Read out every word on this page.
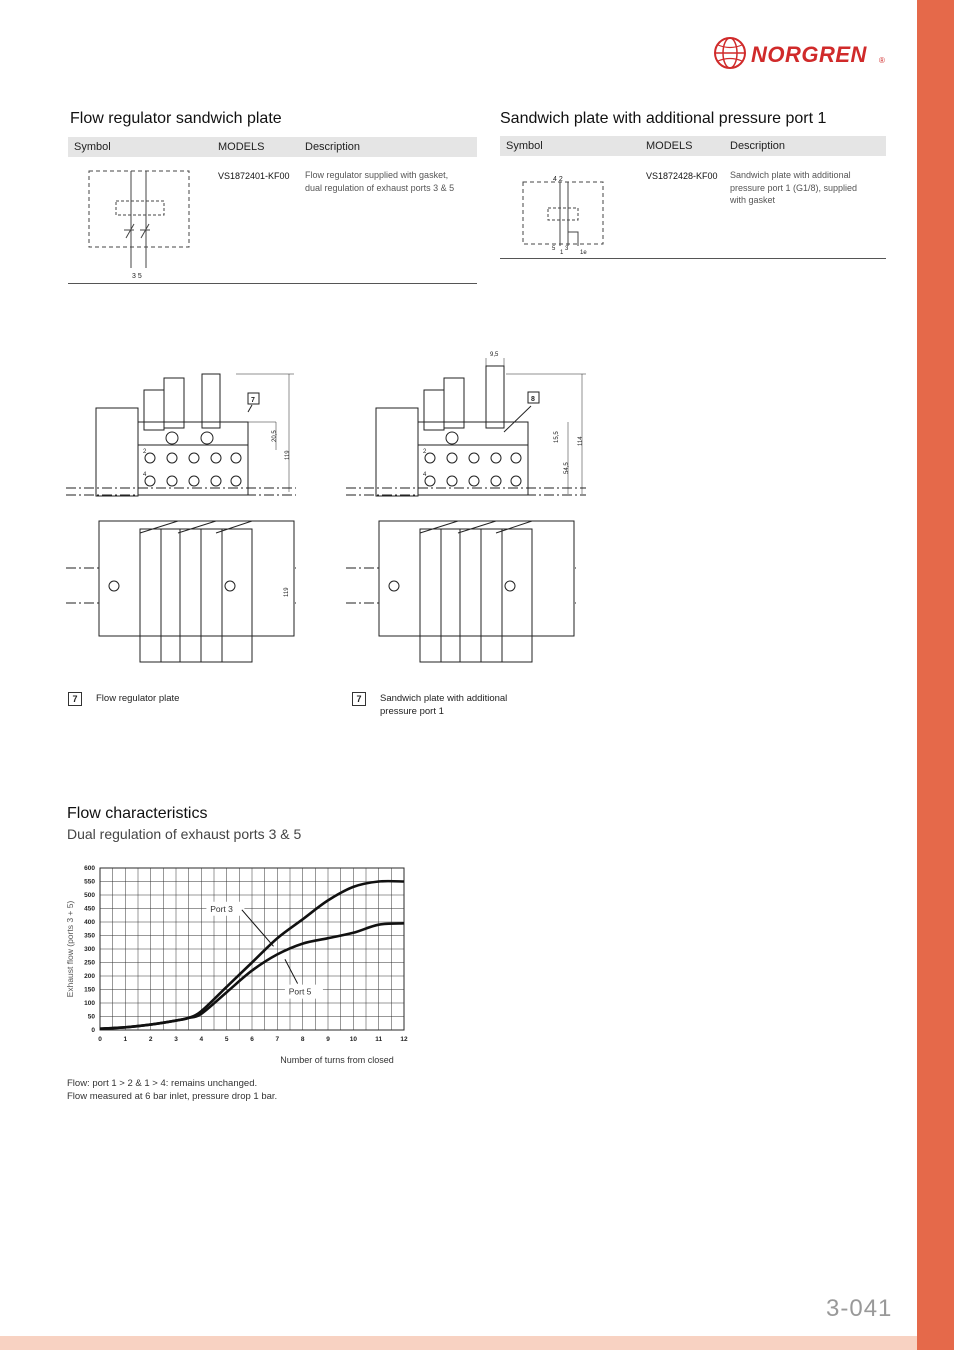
NORGREN ®
Flow regulator sandwich plate
Symbol	MODELS	Description
3 5
VS1872401-KF00 Flow regulator supplied with gasket,
dual regulation of exhaust ports 3 & 5
Sandwich plate with additional pressure port 1
Symbol	MODELS	Description
4 2
5
1
3
1e
VS1872428-KF00 Sandwich plate with additional
pressure port 1 (G1/8), supplied
with gasket
2
4
7
20,5
119
119
2
4
8
9,5
15,5	114
54,5
7	Flow regulator plate	7	Sandwich plate with additional
pressure port 1
Flow characteristics
Dual regulation of exhaust ports 3 & 5
0
50
100
150
200
250
300
350
400
450
500
550
600
0	1	2	3	4	5	6	7	8	9	10	11	12
Exhaust flow (ports 3 + 5)
Number of turns from closed
Port 3
Port 5
Flow: port 1 > 2 & 1 > 4: remains unchanged.
Flow measured at 6 bar inlet, pressure drop 1 bar.
3-041
